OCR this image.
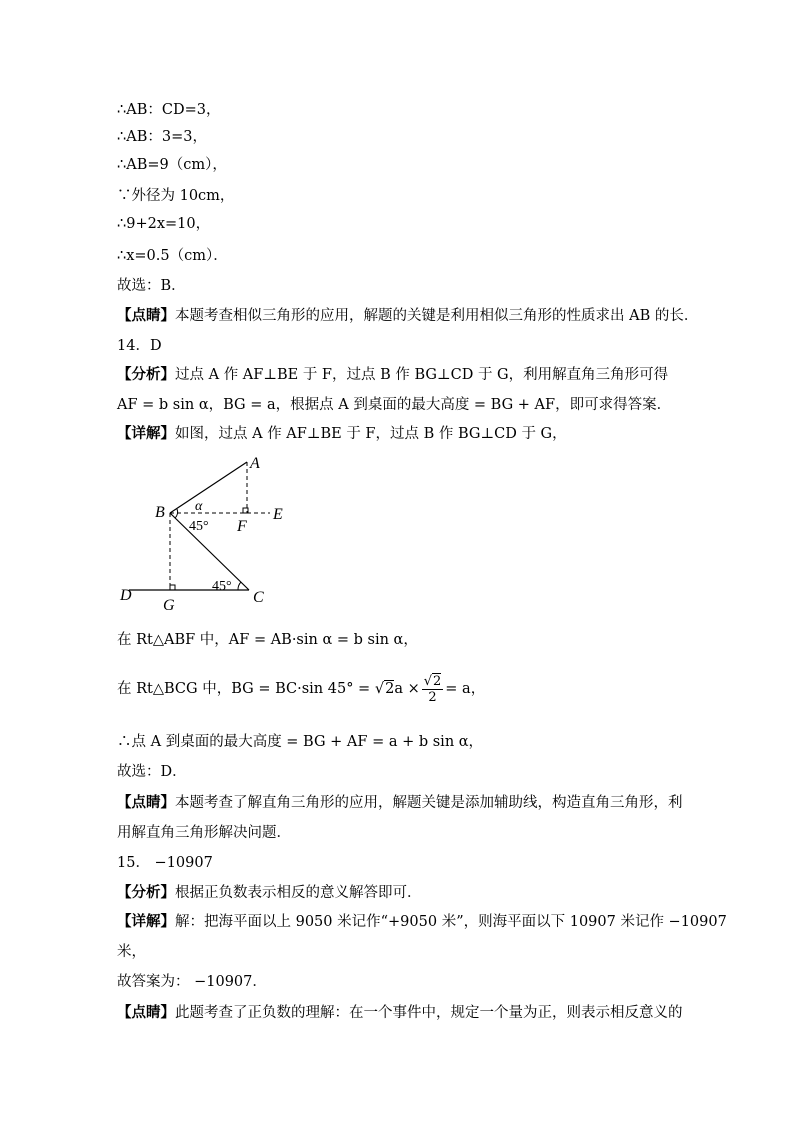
∴AB：CD=3，
∴AB：3=3，
∴AB=9（cm），
∵外径为 10cm，
∴9+2x=10，
∴x=0.5（cm）．
故选：B．
【点睛】本题考查相似三角形的应用，解题的关键是利用相似三角形的性质求出 AB 的长．
14．D
【分析】过点 A 作 AF⊥BE 于 F，过点 B 作 BG⊥CD 于 G，利用解直角三角形可得
AF = b sin α，BG = a，根据点 A 到桌面的最大高度 = BG + AF，即可求得答案．
【详解】如图，过点 A 作 AF⊥BE 于 F，过点 B 作 BG⊥CD 于 G，
A
B	E
F
C
D
G
α
45°
45°
在 Rt△ABF 中，AF = AB·sin α = b sin α，
在 Rt△BCG 中，BG = BC·sin $45^\circ = √2a \times \frac{√2}{2} = a$，
∴点 A 到桌面的最大高度 = BG + AF = a + b sin α，
故选：D．
【点睛】本题考查了解直角三角形的应用，解题关键是添加辅助线，构造直角三角形，利
用解直角三角形解决问题．
15． −10907
【分析】根据正负数表示相反的意义解答即可．
【详解】解：把海平面以上 9050 米记作“+9050 米”，则海平面以下 10907 米记作 −10907
米，
故答案为： −10907．
【点睛】此题考查了正负数的理解：在一个事件中，规定一个量为正，则表示相反意义的
